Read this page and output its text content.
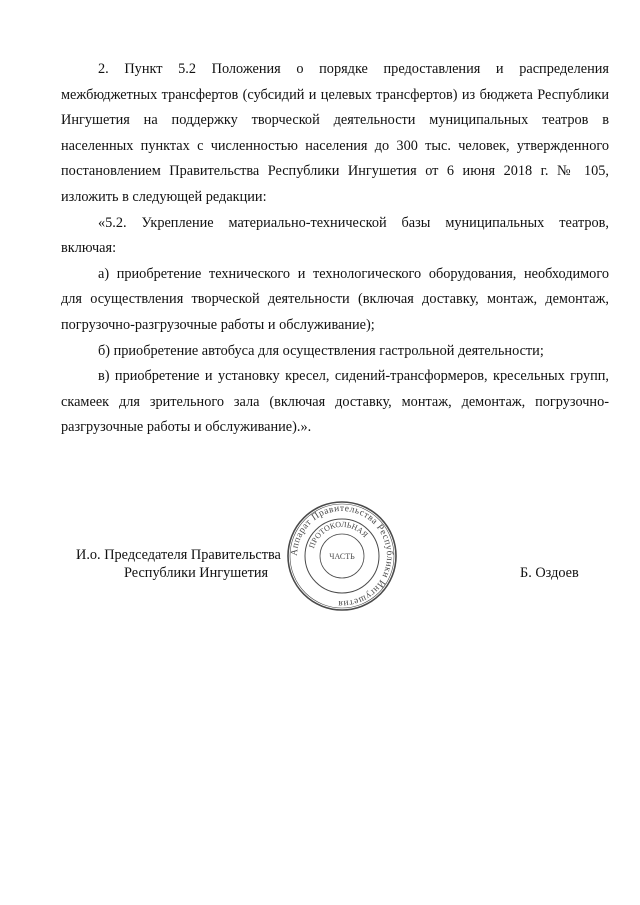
2. Пункт 5.2 Положения о порядке предоставления и распределения межбюджетных трансфертов (субсидий и целевых трансфертов) из бюджета Республики Ингушетия на поддержку творческой деятельности муниципальных театров в населенных пунктах с численностью населения до 300 тыс. человек, утвержденного постановлением Правительства Республики Ингушетия от 6 июня 2018 г. № 105, изложить в следующей редакции:

«5.2. Укрепление материально-технической базы муниципальных театров, включая:

а) приобретение технического и технологического оборудования, необходимого для осуществления творческой деятельности (включая доставку, монтаж, демонтаж, погрузочно-разгрузочные работы и обслуживание);

б) приобретение автобуса для осуществления гастрольной деятельности;

в) приобретение и установку кресел, сидений-трансформеров, кресельных групп, скамеек для зрительного зала (включая доставку, монтаж, демонтаж, погрузочно-разгрузочные работы и обслуживание).».

И.о. Председателя Правительства
Республики Ингушетия	Б. Оздоев
Аппарат Правительства Республики Ингушетия
ПРОТОКОЛЬНАЯ
ЧАСТЬ
